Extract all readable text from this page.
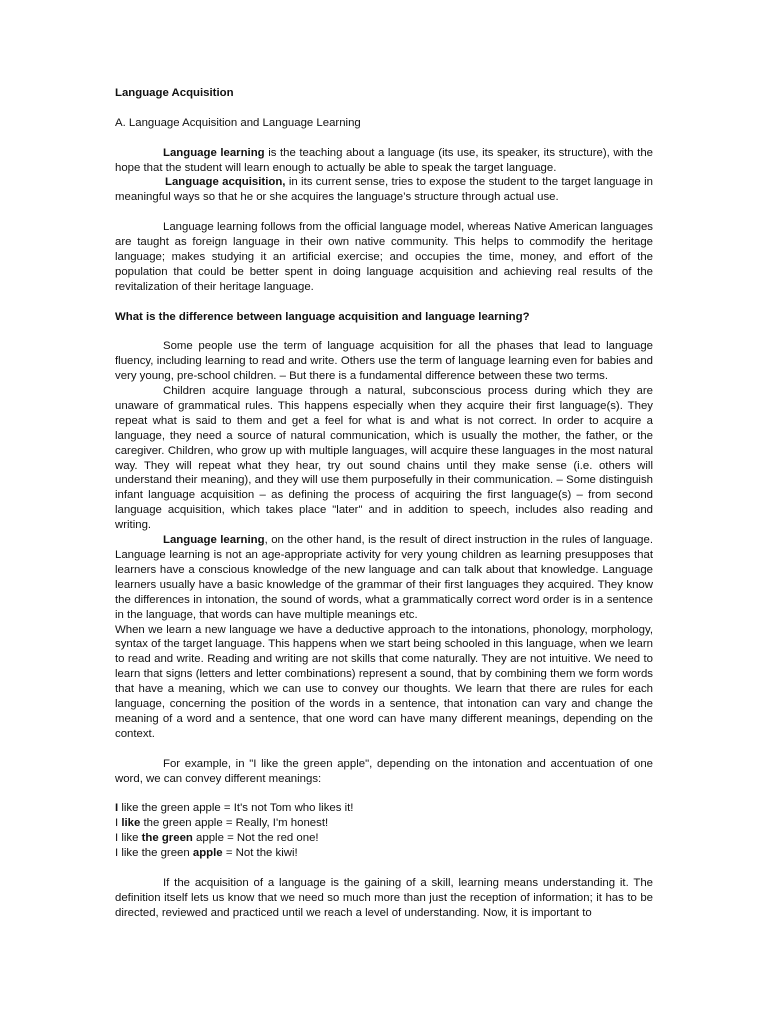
Language Acquisition

A. Language Acquisition and Language Learning

Language learning is the teaching about a language (its use, its speaker, its structure), with the hope that the student will learn enough to actually be able to speak the target language.

Language acquisition, in its current sense, tries to expose the student to the target language in meaningful ways so that he or she acquires the language’s structure through actual use.

Language learning follows from the official language model, whereas Native American languages are taught as foreign language in their own native community. This helps to commodify the heritage language; makes studying it an artificial exercise; and occupies the time, money, and effort of the population that could be better spent in doing language acquisition and achieving real results of the revitalization of their heritage language.

What is the difference between language acquisition and language learning?

Some people use the term of language acquisition for all the phases that lead to language fluency, including learning to read and write. Others use the term of language learning even for babies and very young, pre-school children. – But there is a fundamental difference between these two terms.

Children acquire language through a natural, subconscious process during which they are unaware of grammatical rules. This happens especially when they acquire their first language(s). They repeat what is said to them and get a feel for what is and what is not correct. In order to acquire a language, they need a source of natural communication, which is usually the mother, the father, or the caregiver. Children, who grow up with multiple languages, will acquire these languages in the most natural way. They will repeat what they hear, try out sound chains until they make sense (i.e. others will understand their meaning), and they will use them purposefully in their communication. – Some distinguish infant language acquisition – as defining the process of acquiring the first language(s) – from second language acquisition, which takes place "later" and in addition to speech, includes also reading and writing.

Language learning, on the other hand, is the result of direct instruction in the rules of language. Language learning is not an age-appropriate activity for very young children as learning presupposes that learners have a conscious knowledge of the new language and can talk about that knowledge. Language learners usually have a basic knowledge of the grammar of their first languages they acquired. They know the differences in intonation, the sound of words, what a grammatically correct word order is in a sentence in the language, that words can have multiple meanings etc.

When we learn a new language we have a deductive approach to the intonations, phonology, morphology, syntax of the target language. This happens when we start being schooled in this language, when we learn to read and write. Reading and writing are not skills that come naturally. They are not intuitive. We need to learn that signs (letters and letter combinations) represent a sound, that by combining them we form words that have a meaning, which we can use to convey our thoughts. We learn that there are rules for each language, concerning the position of the words in a sentence, that intonation can vary and change the meaning of a word and a sentence, that one word can have many different meanings, depending on the context.

For example, in "I like the green apple", depending on the intonation and accentuation of one word, we can convey different meanings:

I like the green apple = It's not Tom who likes it!

I like the green apple = Really, I'm honest!

I like the green apple = Not the red one!

I like the green apple = Not the kiwi!

If the acquisition of a language is the gaining of a skill, learning means understanding it. The definition itself lets us know that we need so much more than just the reception of information; it has to be directed, reviewed and practiced until we reach a level of understanding. Now, it is important to
